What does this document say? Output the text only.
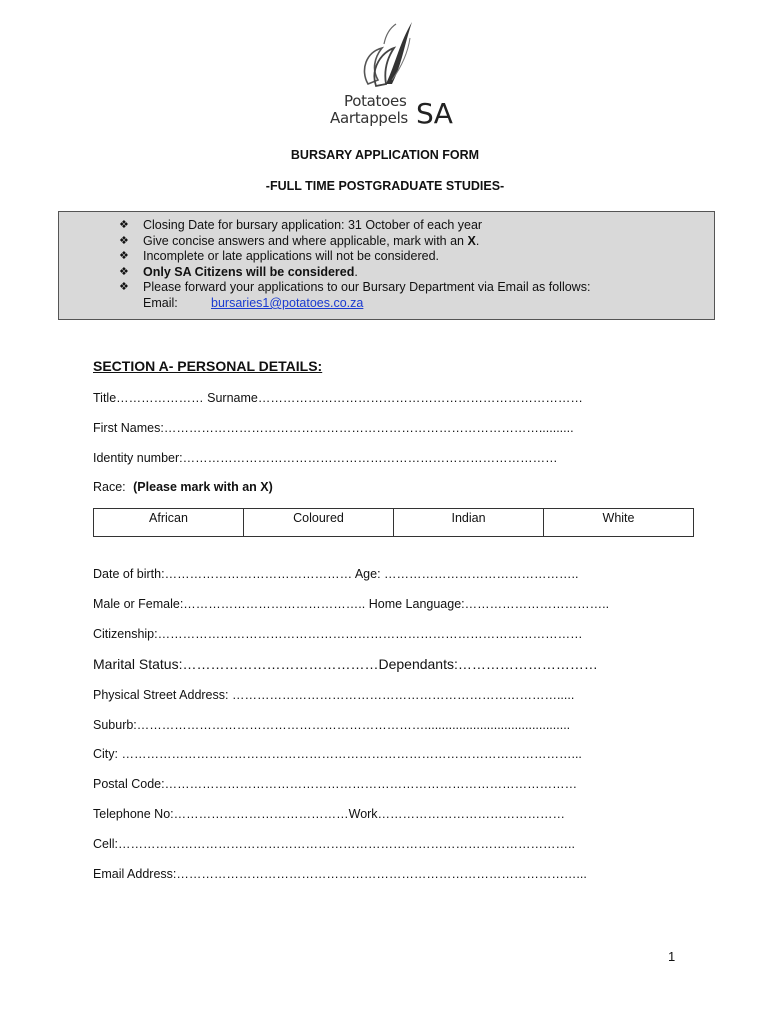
Potatoes
Aartappels SA
BURSARY APPLICATION FORM
-FULL TIME POSTGRADUATE STUDIES-
❖ Closing Date for bursary application: 31 October of each year
❖ Give concise answers and where applicable, mark with an X.
❖ Incomplete or late applications will not be considered.
❖ Only SA Citizens will be considered.
❖ Please forward your applications to our Bursary Department via Email as follows:
Email:	bursaries1@potatoes.co.za
SECTION A- PERSONAL DETAILS:
Title………………… Surname……………………………………………………………………
First Names:………………………………………………………………………………..........
Identity number:………………………………………………………………………………
Race: (Please mark with an X)
African	Coloured	Indian	White
Date of birth:……………………………………… Age: ………………………………………..
Male or Female:…………………………………….. Home Language:……………………………..
Citizenship:…………………………………………………………………………………………
Marital Status:……………………………………Dependants:…………………………
Physical Street Address: …………………………………………………………………….....
Suburb:……………………………………………………………..........................................
City: ………………………………………………………………………………………………...
Postal Code:………………………………………………………………………………………
Telephone No:……………………………………Work………………………………………
Cell:………………………………………………………………………………………………..
Email Address:……………………………………………………………………………………...
1
